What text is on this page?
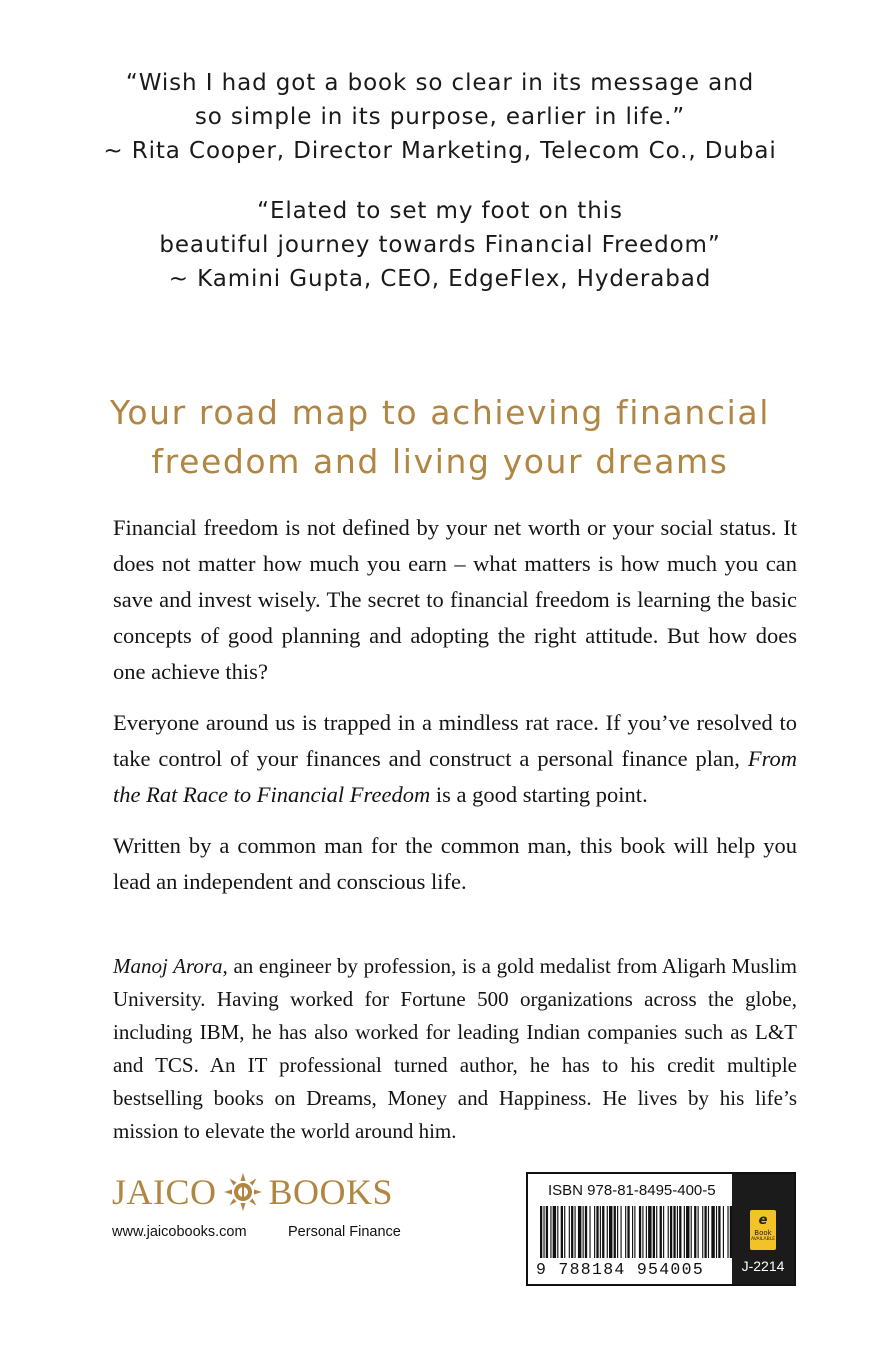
“Wish I had got a book so clear in its message and
so simple in its purpose, earlier in life.”
~ Rita Cooper, Director Marketing, Telecom Co., Dubai
“Elated to set my foot on this
beautiful journey towards Financial Freedom”
~ Kamini Gupta, CEO, EdgeFlex, Hyderabad
Your road map to achieving financial
freedom and living your dreams

Financial freedom is not defined by your net worth or your social status. It does not matter how much you earn – what matters is how much you can save and invest wisely. The secret to financial freedom is learning the basic concepts of good planning and adopting the right attitude. But how does one achieve this?

Everyone around us is trapped in a mindless rat race. If you’ve resolved to take control of your finances and construct a personal finance plan, From the Rat Race to Financial Freedom is a good starting point.

Written by a common man for the common man, this book will help you lead an independent and conscious life.

Manoj Arora, an engineer by profession, is a gold medalist from Aligarh Muslim University. Having worked for Fortune 500 organizations across the globe, including IBM, he has also worked for leading Indian companies such as L&T and TCS. An IT professional turned author, he has to his credit multiple bestselling books on Dreams, Money and Happiness. He lives by his life’s mission to elevate the world around him.
JAICO BOOKS
www.jaicobooks.com	Personal Finance
ISBN 978-81-8495-400-5
9 788184 954005
e
Book
AVAILABLE
J-2214
